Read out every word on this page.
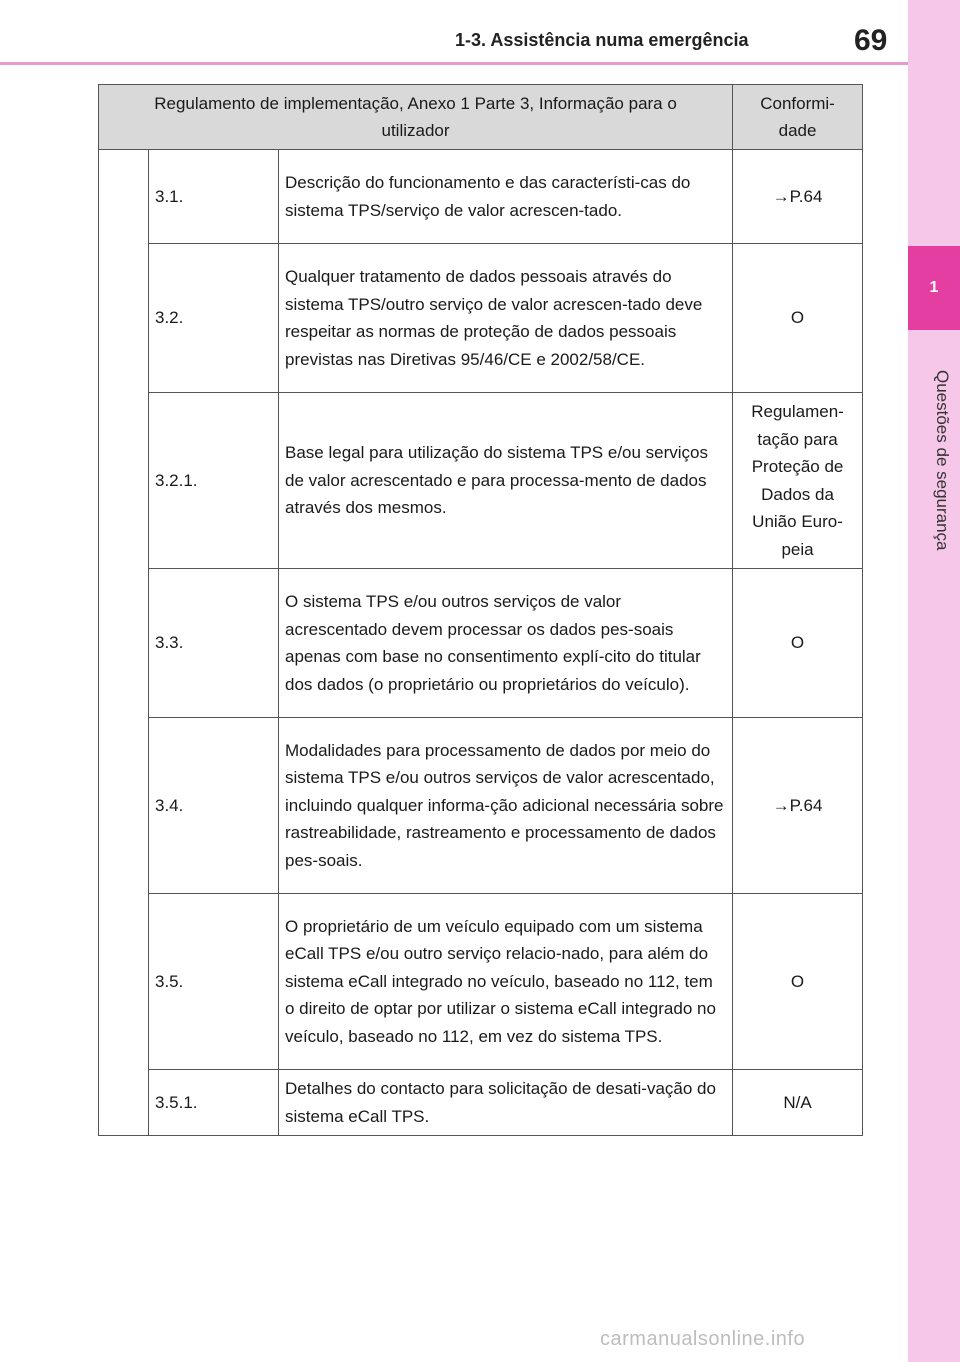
1-3. Assistência numa emergência	69
1
Questões de segurança
Regulamento de implementação, Anexo 1 Parte 3, Informação para o utilizador			Conformi-dade
	3.1.	Descrição do funcionamento e das característi-cas do sistema TPS/serviço de valor acrescen-tado.	→P.64
	3.2.	Qualquer tratamento de dados pessoais através do sistema TPS/outro serviço de valor acrescen-tado deve respeitar as normas de proteção de dados pessoais previstas nas Diretivas 95/46/CE e 2002/58/CE.	O
	3.2.1.	Base legal para utilização do sistema TPS e/ou serviços de valor acrescentado e para processa-mento de dados através dos mesmos.	Regulamen-tação para Proteção de Dados da União Euro-peia
	3.3.	O sistema TPS e/ou outros serviços de valor acrescentado devem processar os dados pes-soais apenas com base no consentimento explí-cito do titular dos dados (o proprietário ou proprietários do veículo).	O
	3.4.	Modalidades para processamento de dados por meio do sistema TPS e/ou outros serviços de valor acrescentado, incluindo qualquer informa-ção adicional necessária sobre rastreabilidade, rastreamento e processamento de dados pes-soais.	→P.64
	3.5.	O proprietário de um veículo equipado com um sistema eCall TPS e/ou outro serviço relacio-nado, para além do sistema eCall integrado no veículo, baseado no 112, tem o direito de optar por utilizar o sistema eCall integrado no veículo, baseado no 112, em vez do sistema TPS.	O
	3.5.1.	Detalhes do contacto para solicitação de desati-vação do sistema eCall TPS.	N/A
carmanualsonline.info
